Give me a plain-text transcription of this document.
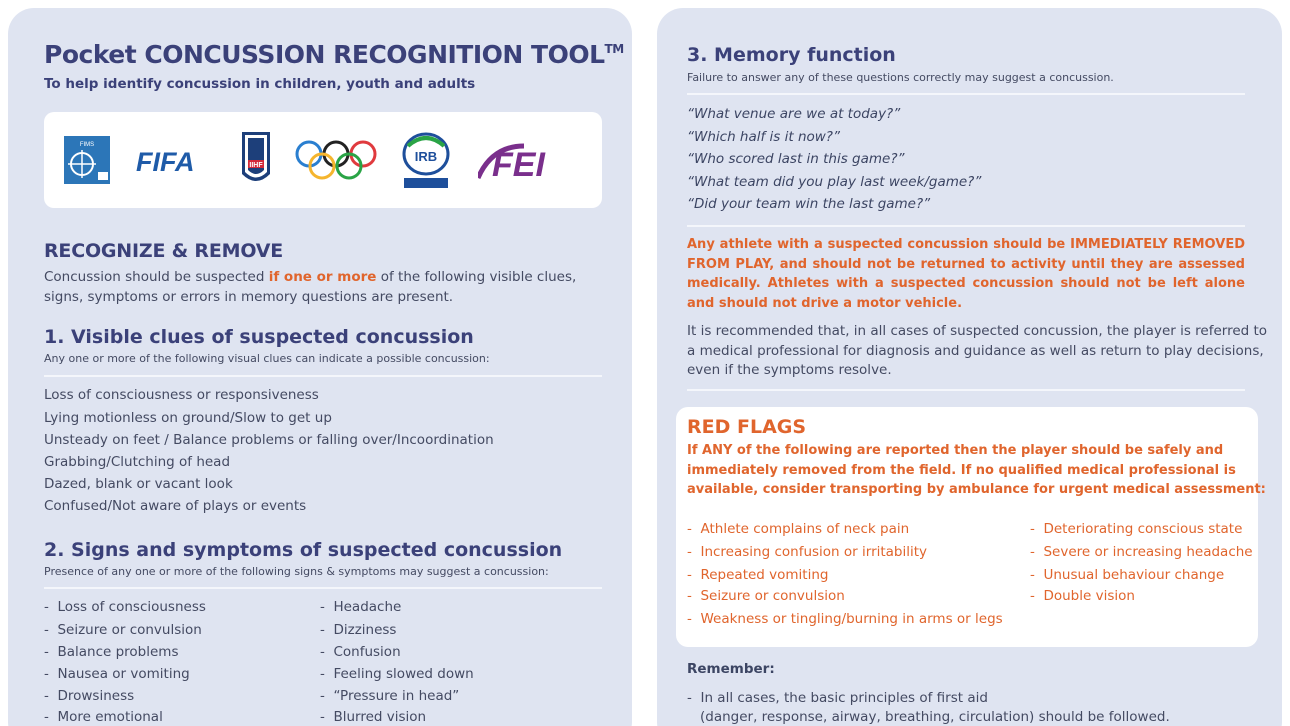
Pocket CONCUSSION RECOGNITION TOOL™
To help identify concussion in children, youth and adults
FIMS
FIFA	IIHF
IRB FEI
RECOGNIZE & REMOVE
Concussion should be suspected if one or more of the following visible clues,
signs, symptoms or errors in memory questions are present.
1. Visible clues of suspected concussion
Any one or more of the following visual clues can indicate a possible concussion:
Loss of consciousness or responsiveness
Lying motionless on ground/Slow to get up
Unsteady on feet / Balance problems or falling over/Incoordination
Grabbing/Clutching of head
Dazed, blank or vacant look
Confused/Not aware of plays or events
2. Signs and symptoms of suspected concussion
Presence of any one or more of the following signs & symptoms may suggest a concussion:
- Loss of consciousness
- Seizure or convulsion
- Balance problems
- Nausea or vomiting
- Drowsiness
- More emotional
- Headache
- Dizziness
- Confusion
- Feeling slowed down
- “Pressure in head”
- Blurred vision
3. Memory function
Failure to answer any of these questions correctly may suggest a concussion.
“What venue are we at today?”
“Which half is it now?”
“Who scored last in this game?”
“What team did you play last week/game?”
“Did your team win the last game?”
Any athlete with a suspected concussion should be IMMEDIATELY REMOVED FROM PLAY, and should not be returned to activity until they are assessed medically. Athletes with a suspected concussion should not be left alone and should not drive a motor vehicle.
It is recommended that, in all cases of suspected concussion, the player is referred to
a medical professional for diagnosis and guidance as well as return to play decisions,
even if the symptoms resolve.
RED FLAGS
If ANY of the following are reported then the player should be safely and
immediately removed from the field. If no qualified medical professional is
available, consider transporting by ambulance for urgent medical assessment:
- Athlete complains of neck pain
- Increasing confusion or irritability
- Repeated vomiting
- Seizure or convulsion
- Weakness or tingling/burning in arms or legs
- Deteriorating conscious state
- Severe or increasing headache
- Unusual behaviour change
- Double vision
Remember:
- In all cases, the basic principles of first aid
(danger, response, airway, breathing, circulation) should be followed.
